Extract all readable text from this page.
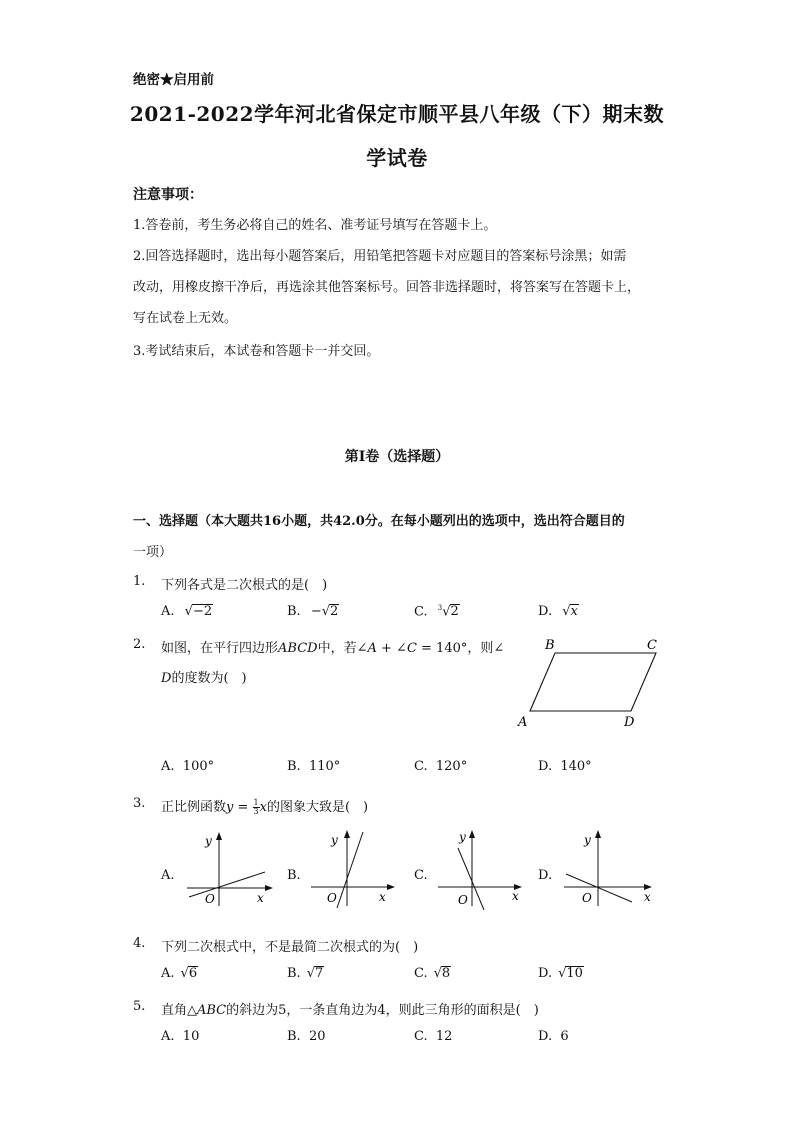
绝密★启用前
2021-2022学年河北省保定市顺平县八年级（下）期末数
学试卷
注意事项：
1.答卷前，考生务必将自己的姓名、准考证号填写在答题卡上。
2.回答选择题时，选出每小题答案后，用铅笔把答题卡对应题目的答案标号涂黑；如需
改动，用橡皮擦干净后，再选涂其他答案标号。回答非选择题时，将答案写在答题卡上，
写在试卷上无效。
3.考试结束后，本试卷和答题卡一并交回。
第Ⅰ卷（选择题）
一、选择题（本大题共16小题，共42.0分。在每小题列出的选项中，选出符合题目的
一项）
1. 下列各式是二次根式的是(　)
A. √−2	B. −√2	C. $^3$√2	D. √x
2. 如图，在平行四边形ABCD中，若∠A + ∠C = 140°，则∠
D的度数为(　)
B	C
A	D
A. 100°	B. 110°	C. 120°	D. 140°
3. 正比例函数$y = \frac{1}{3}$ x的图象大致是(　)
A.
y
x
O
B.
y
x
O
C.
y
x
O
D.
y
x
O
4. 下列二次根式中，不是最简二次根式的为(　)
A. √6	B. √7	C. √8	D. √10
5. 直角△ABC的斜边为5，一条直角边为4，则此三角形的面积是(　)
A. 10	B. 20	C. 12	D. 6
